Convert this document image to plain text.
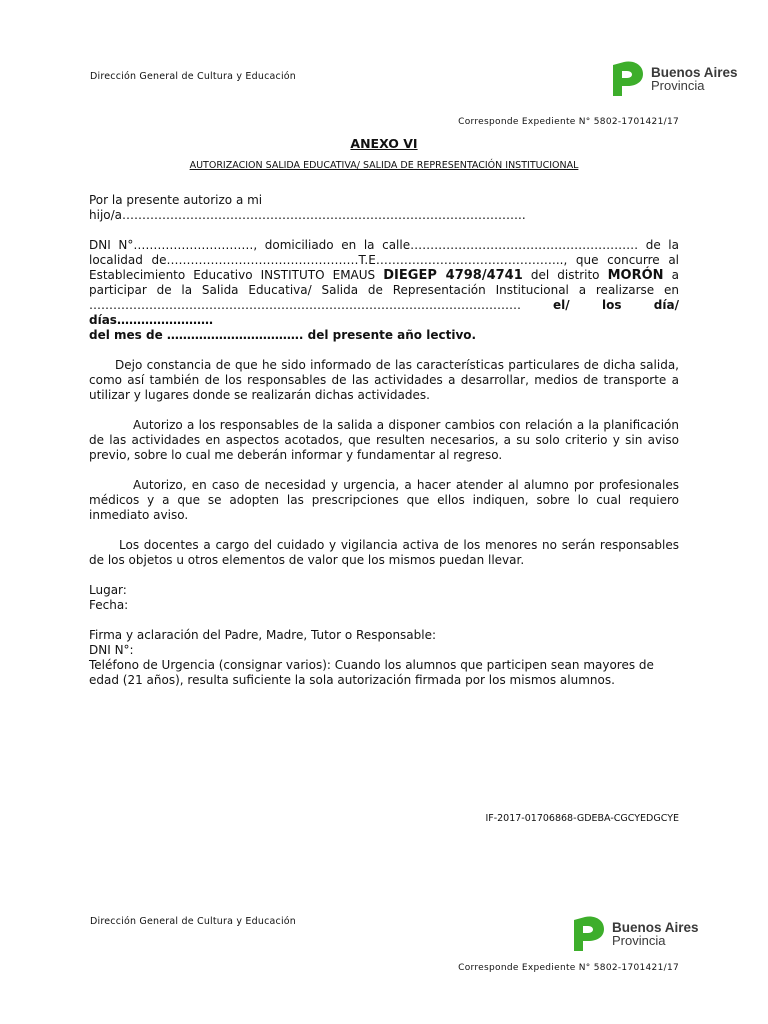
Dirección General de Cultura y Educación	Buenos Aires
Provincia
Corresponde Expediente N° 5802-1701421/17
ANEXO VI
AUTORIZACION SALIDA EDUCATIVA/ SALIDA DE REPRESENTACIÓN INSTITUCIONAL

Por la presente autorizo a mi hijo/a………………………………………………………………………………………..

DNI N°…………………………, domiciliado en la calle………………………………………………… de la

localidad de…………………………………………T.E……………………………………….., que concurre al

Establecimiento Educativo INSTITUTO EMAUS DIEGEP 4798/4741 del distrito MORÓN a

participar de la Salida Educativa/ Salida de Representación Institucional a realizarse en

……………………………………………………………………………………………… el/ los día/ días……………………

del mes de ……………………………. del presente año lectivo.

Dejo constancia de que he sido informado de las características particulares de dicha salida, como así también de los responsables de las actividades a desarrollar, medios de transporte a utilizar y lugares donde se realizarán dichas actividades.

Autorizo a los responsables de la salida a disponer cambios con relación a la planificación de las actividades en aspectos acotados, que resulten necesarios, a su solo criterio y sin aviso previo, sobre lo cual me deberán informar y fundamentar al regreso.

Autorizo, en caso de necesidad y urgencia, a hacer atender al alumno por profesionales médicos y a que se adopten las prescripciones que ellos indiquen, sobre lo cual requiero inmediato aviso.

Los docentes a cargo del cuidado y vigilancia activa de los menores no serán responsables de los objetos u otros elementos de valor que los mismos puedan llevar.

Lugar:

Fecha:

Firma y aclaración del Padre, Madre, Tutor o Responsable:

DNI N°:

Teléfono de Urgencia (consignar varios): Cuando los alumnos que participen sean mayores de edad (21 años), resulta suficiente la sola autorización firmada por los mismos alumnos.

IF-2017-01706868-GDEBA-CGCYEDGCYE
Dirección General de Cultura y Educación	Buenos Aires
Provincia
Corresponde Expediente N° 5802-1701421/17
